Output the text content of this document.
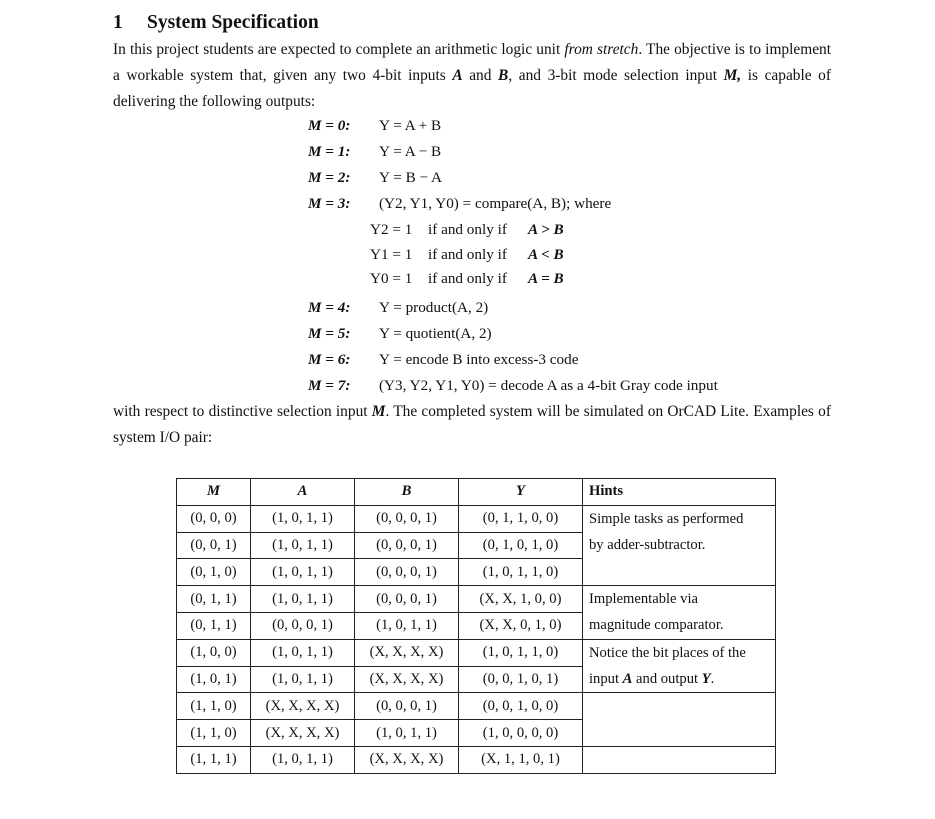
1 System Specification
In this project students are expected to complete an arithmetic logic unit from stretch. The objective is to implement a workable system that, given any two 4-bit inputs A and B, and 3-bit mode selection input M, is capable of delivering the following outputs:
M = 0: Y = A + B
M = 1: Y = A − B
M = 2: Y = B − A
M = 3: (Y2, Y1, Y0) = compare(A, B); where
Y2 = 1 if and only if A > B
Y1 = 1 if and only if A < B
Y0 = 1 if and only if A = B
M = 4: Y = product(A, 2)
M = 5: Y = quotient(A, 2)
M = 6: Y = encode B into excess-3 code
M = 7: (Y3, Y2, Y1, Y0) = decode A as a 4-bit Gray code input
with respect to distinctive selection input M. The completed system will be simulated on OrCAD Lite. Examples of system I/O pair:
M	A	B	Y	Hints
(0, 0, 0)	(1, 0, 1, 1)	(0, 0, 0, 1)	(0, 1, 1, 0, 0)	Simple tasks as performed
by adder-subtractor.

(0, 0, 1)	(1, 0, 1, 1)	(0, 0, 0, 1)	(0, 1, 0, 1, 0)	
(0, 1, 0)	(1, 0, 1, 1)	(0, 0, 0, 1)	(1, 0, 1, 1, 0)	
(0, 1, 1)	(1, 0, 1, 1)	(0, 0, 0, 1)	(X, X, 1, 0, 0)	Implementable via
magnitude comparator.

(0, 1, 1)	(0, 0, 0, 1)	(1, 0, 1, 1)	(X, X, 0, 1, 0)	
(1, 0, 0)	(1, 0, 1, 1)	(X, X, X, X)	(1, 0, 1, 1, 0)	Notice the bit places of the
input A and output Y.

(1, 0, 1)	(1, 0, 1, 1)	(X, X, X, X)	(0, 0, 1, 0, 1)	
(1, 1, 0)	(X, X, X, X)	(0, 0, 0, 1)	(0, 0, 1, 0, 0)	
(1, 1, 0)	(X, X, X, X)	(1, 0, 1, 1)	(1, 0, 0, 0, 0)	
(1, 1, 1)	(1, 0, 1, 1)	(X, X, X, X)	(X, 1, 1, 0, 1)	
